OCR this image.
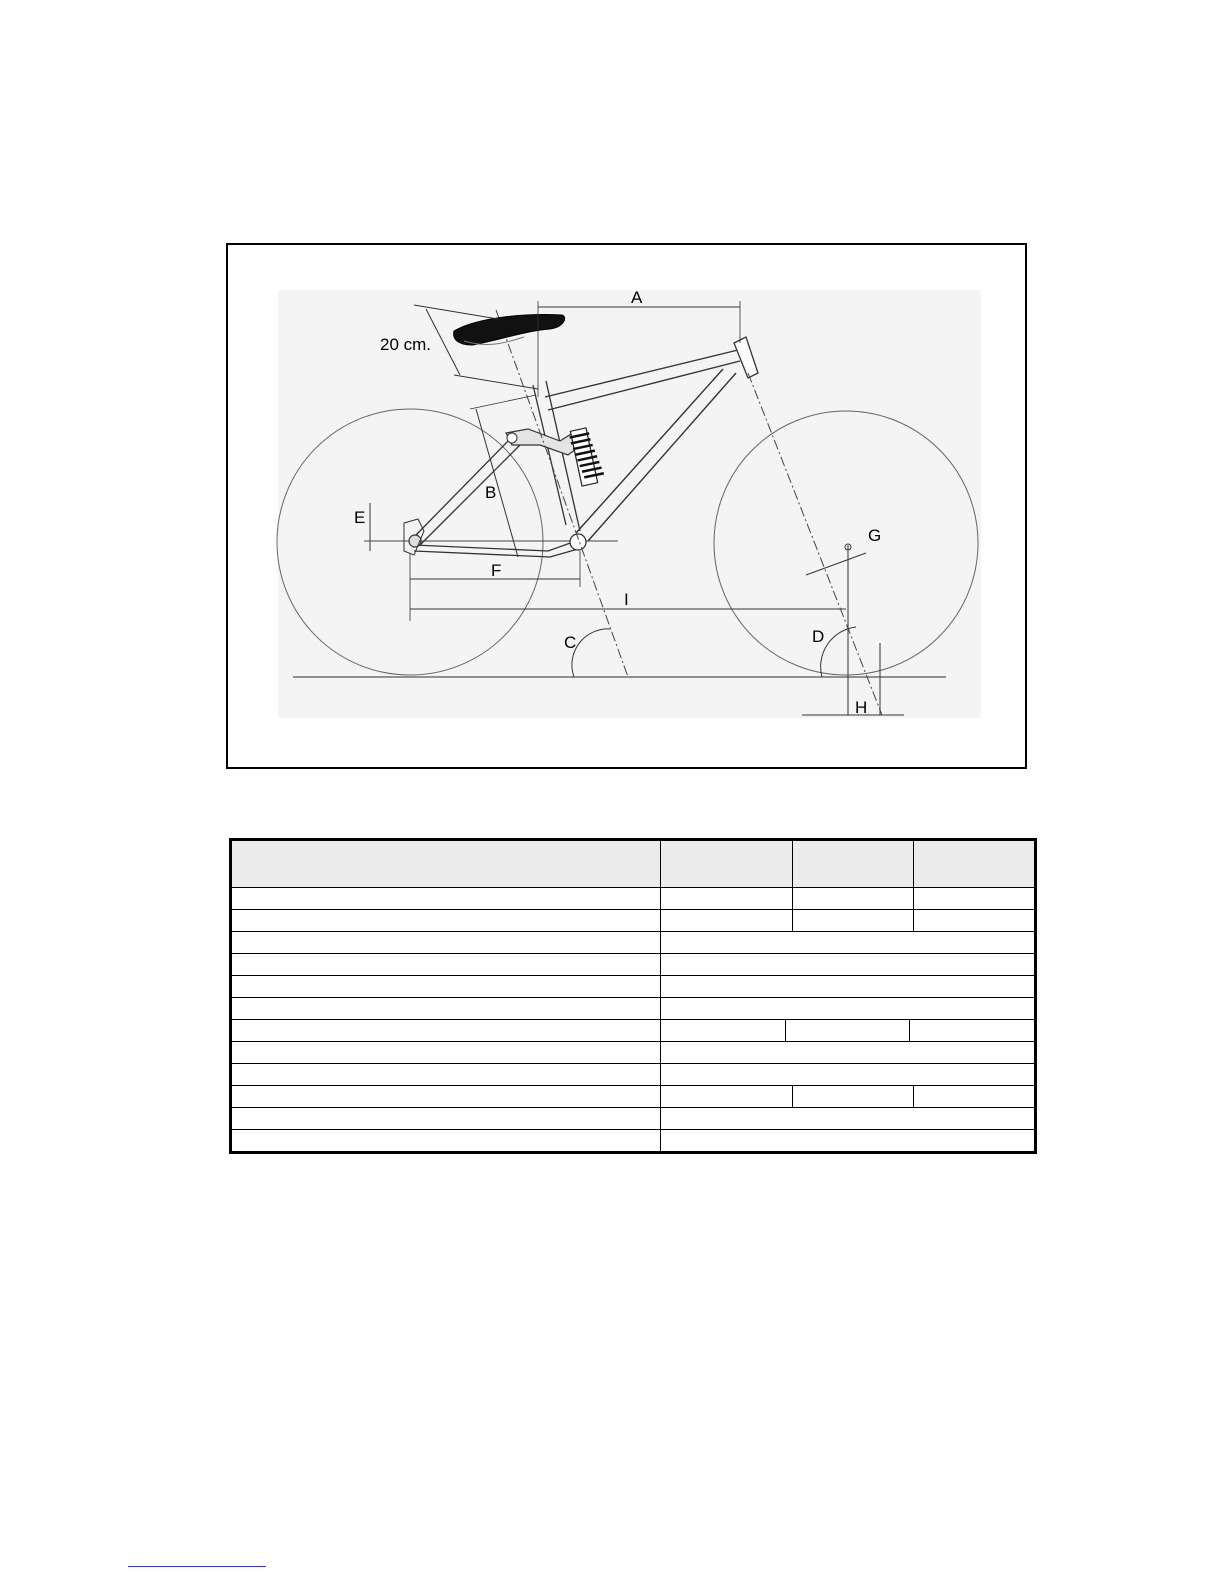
20 cm.
A
B
E
F
I
C	D
G
H
